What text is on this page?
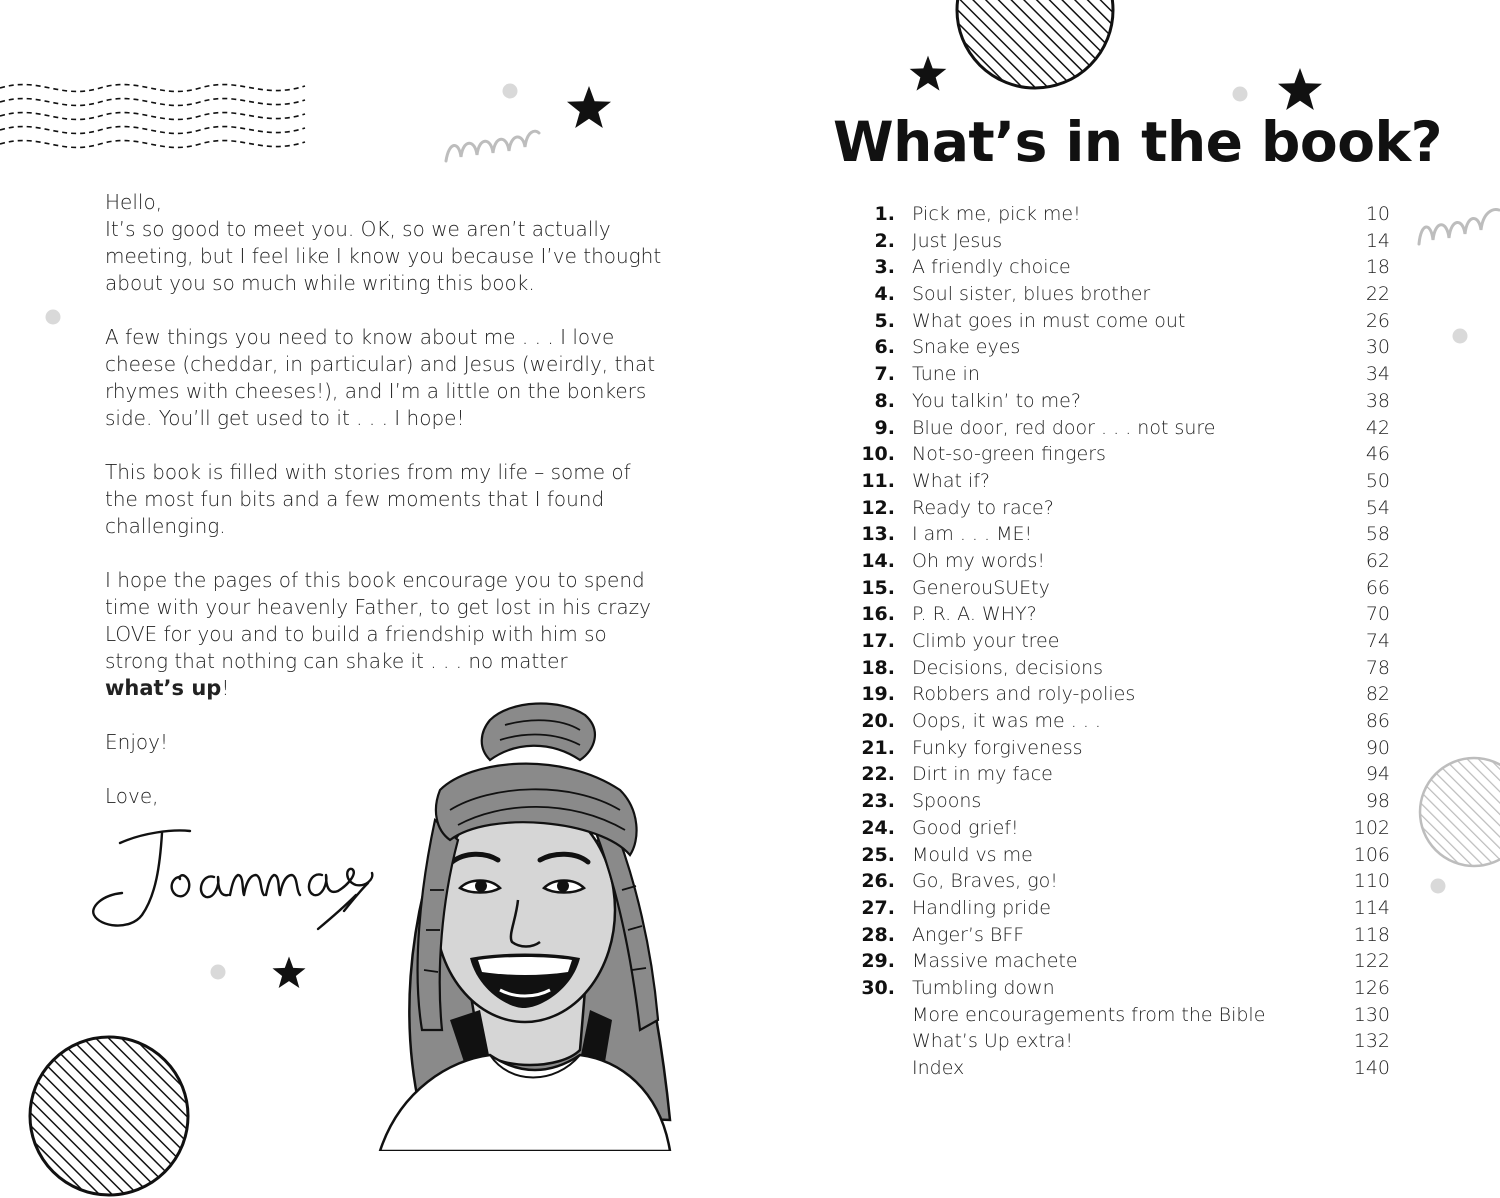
Hello,

It’s so good to meet you. OK, so we aren’t actually meeting, but I feel like I know you because I’ve thought about you so much while writing this book.

A few things you need to know about me . . . I love cheese (cheddar, in particular) and Jesus (weirdly, that rhymes with cheeses!), and I’m a little on the bonkers side. You’ll get used to it . . . I hope!

This book is filled with stories from my life – some of the most fun bits and a few moments that I found challenging.

I hope the pages of this book encourage you to spend time with your heavenly Father, to get lost in his crazy LOVE for you and to build a friendship with him so strong that nothing can shake it . . . no matter
what’s up!

Enjoy!

Love,

What’s in the book?
1. Pick me, pick me!	10
2. Just Jesus	14
3. A friendly choice	18
4. Soul sister, blues brother	22
5. What goes in must come out	26
6. Snake eyes	30
7. Tune in	34
8. You talkin’ to me?	38
9. Blue door, red door . . . not sure	42
10. Not-so-green fingers	46
11. What if?	50
12. Ready to race?	54
13. I am . . . ME!	58
14. Oh my words!	62
15. GenerouSUEty	66
16. P. R. A. WHY?	70
17. Climb your tree	74
18. Decisions, decisions	78
19. Robbers and roly-polies	82
20. Oops, it was me . . .	86
21. Funky forgiveness	90
22. Dirt in my face	94
23. Spoons	98
24. Good grief!	102
25. Mould vs me	106
26. Go, Braves, go!	110
27. Handling pride	114
28. Anger’s BFF	118
29. Massive machete	122
30. Tumbling down	126
More encouragements from the Bible	130
What’s Up extra!	132
Index	140
